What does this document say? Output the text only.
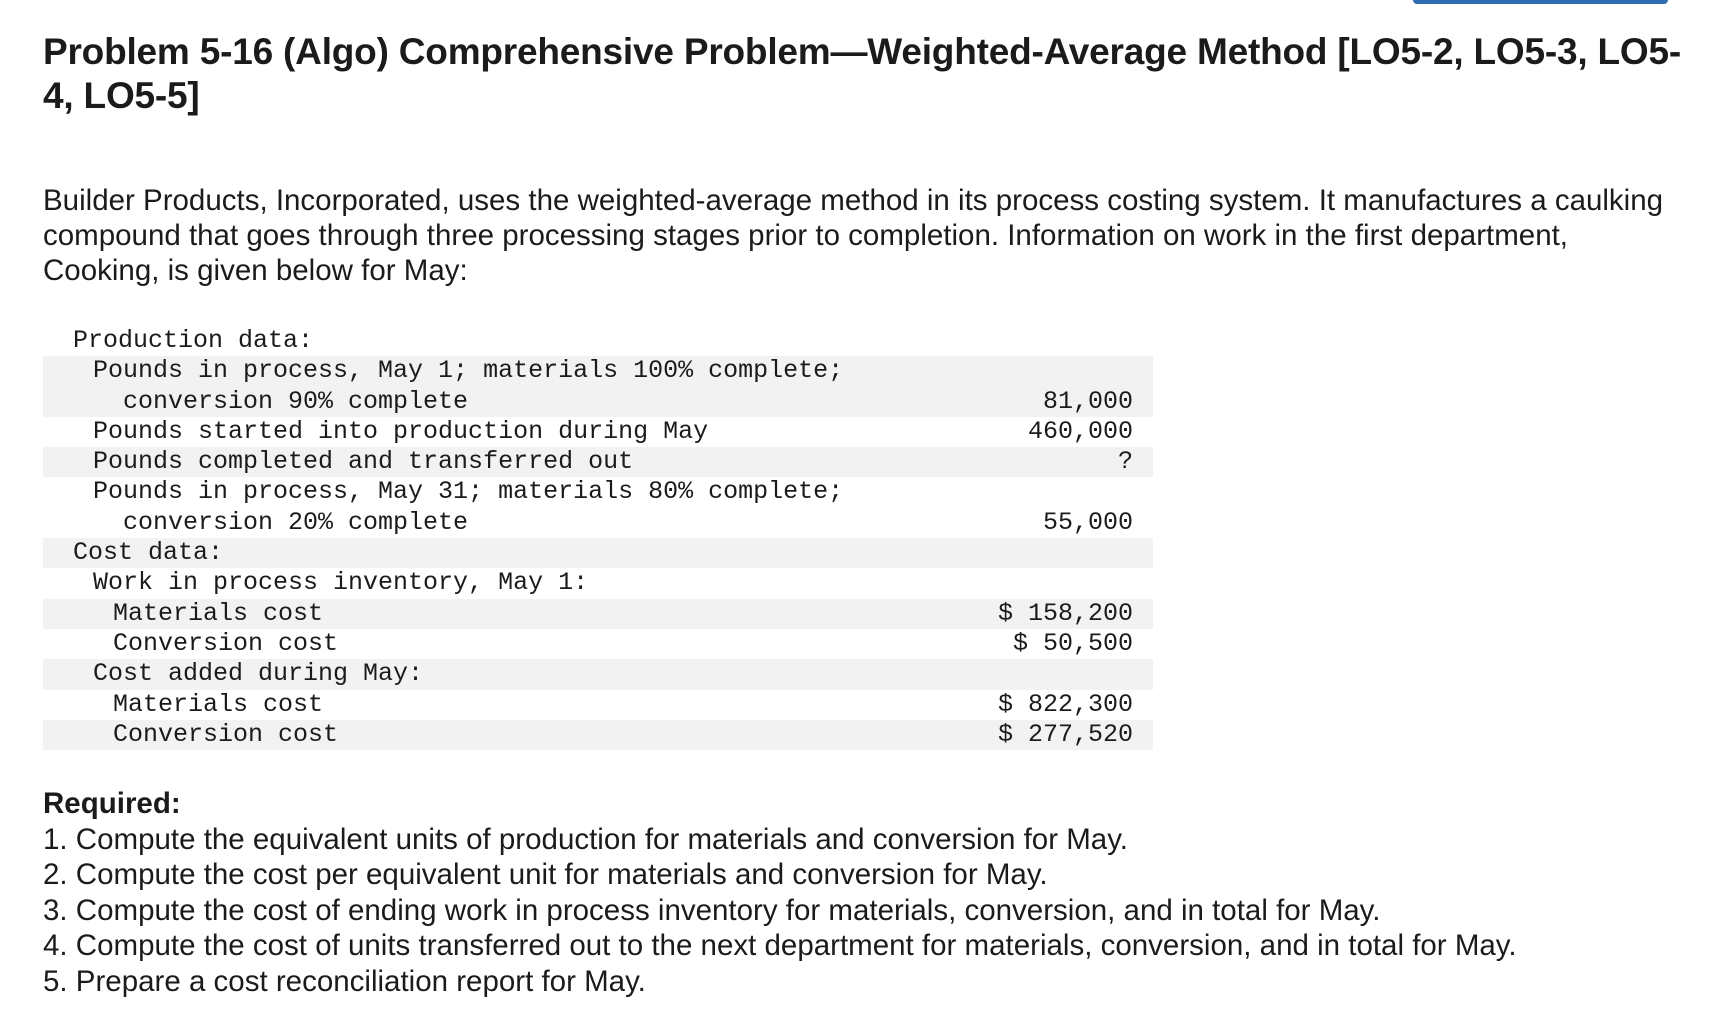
Problem 5-16 (Algo) Comprehensive Problem—Weighted-Average Method [LO5-2, LO5-3, LO5-4, LO5-5]

Builder Products, Incorporated, uses the weighted-average method in its process costing system. It manufactures a caulking compound that goes through three processing stages prior to completion. Information on work in the first department, Cooking, is given below for May:

Production data:	
Pounds in process, May 1; materials 100% complete;
conversion 90% complete	81,000
Pounds started into production during May	460,000
Pounds completed and transferred out	?
Pounds in process, May 31; materials 80% complete;
conversion 20% complete	55,000
Cost data:	
Work in process inventory, May 1:	
Materials cost	$ 158,200
Conversion cost	$ 50,500
Cost added during May:	
Materials cost	$ 822,300
Conversion cost	$ 277,520
Required:
1. Compute the equivalent units of production for materials and conversion for May.
2. Compute the cost per equivalent unit for materials and conversion for May.
3. Compute the cost of ending work in process inventory for materials, conversion, and in total for May.
4. Compute the cost of units transferred out to the next department for materials, conversion, and in total for May.
5. Prepare a cost reconciliation report for May.
